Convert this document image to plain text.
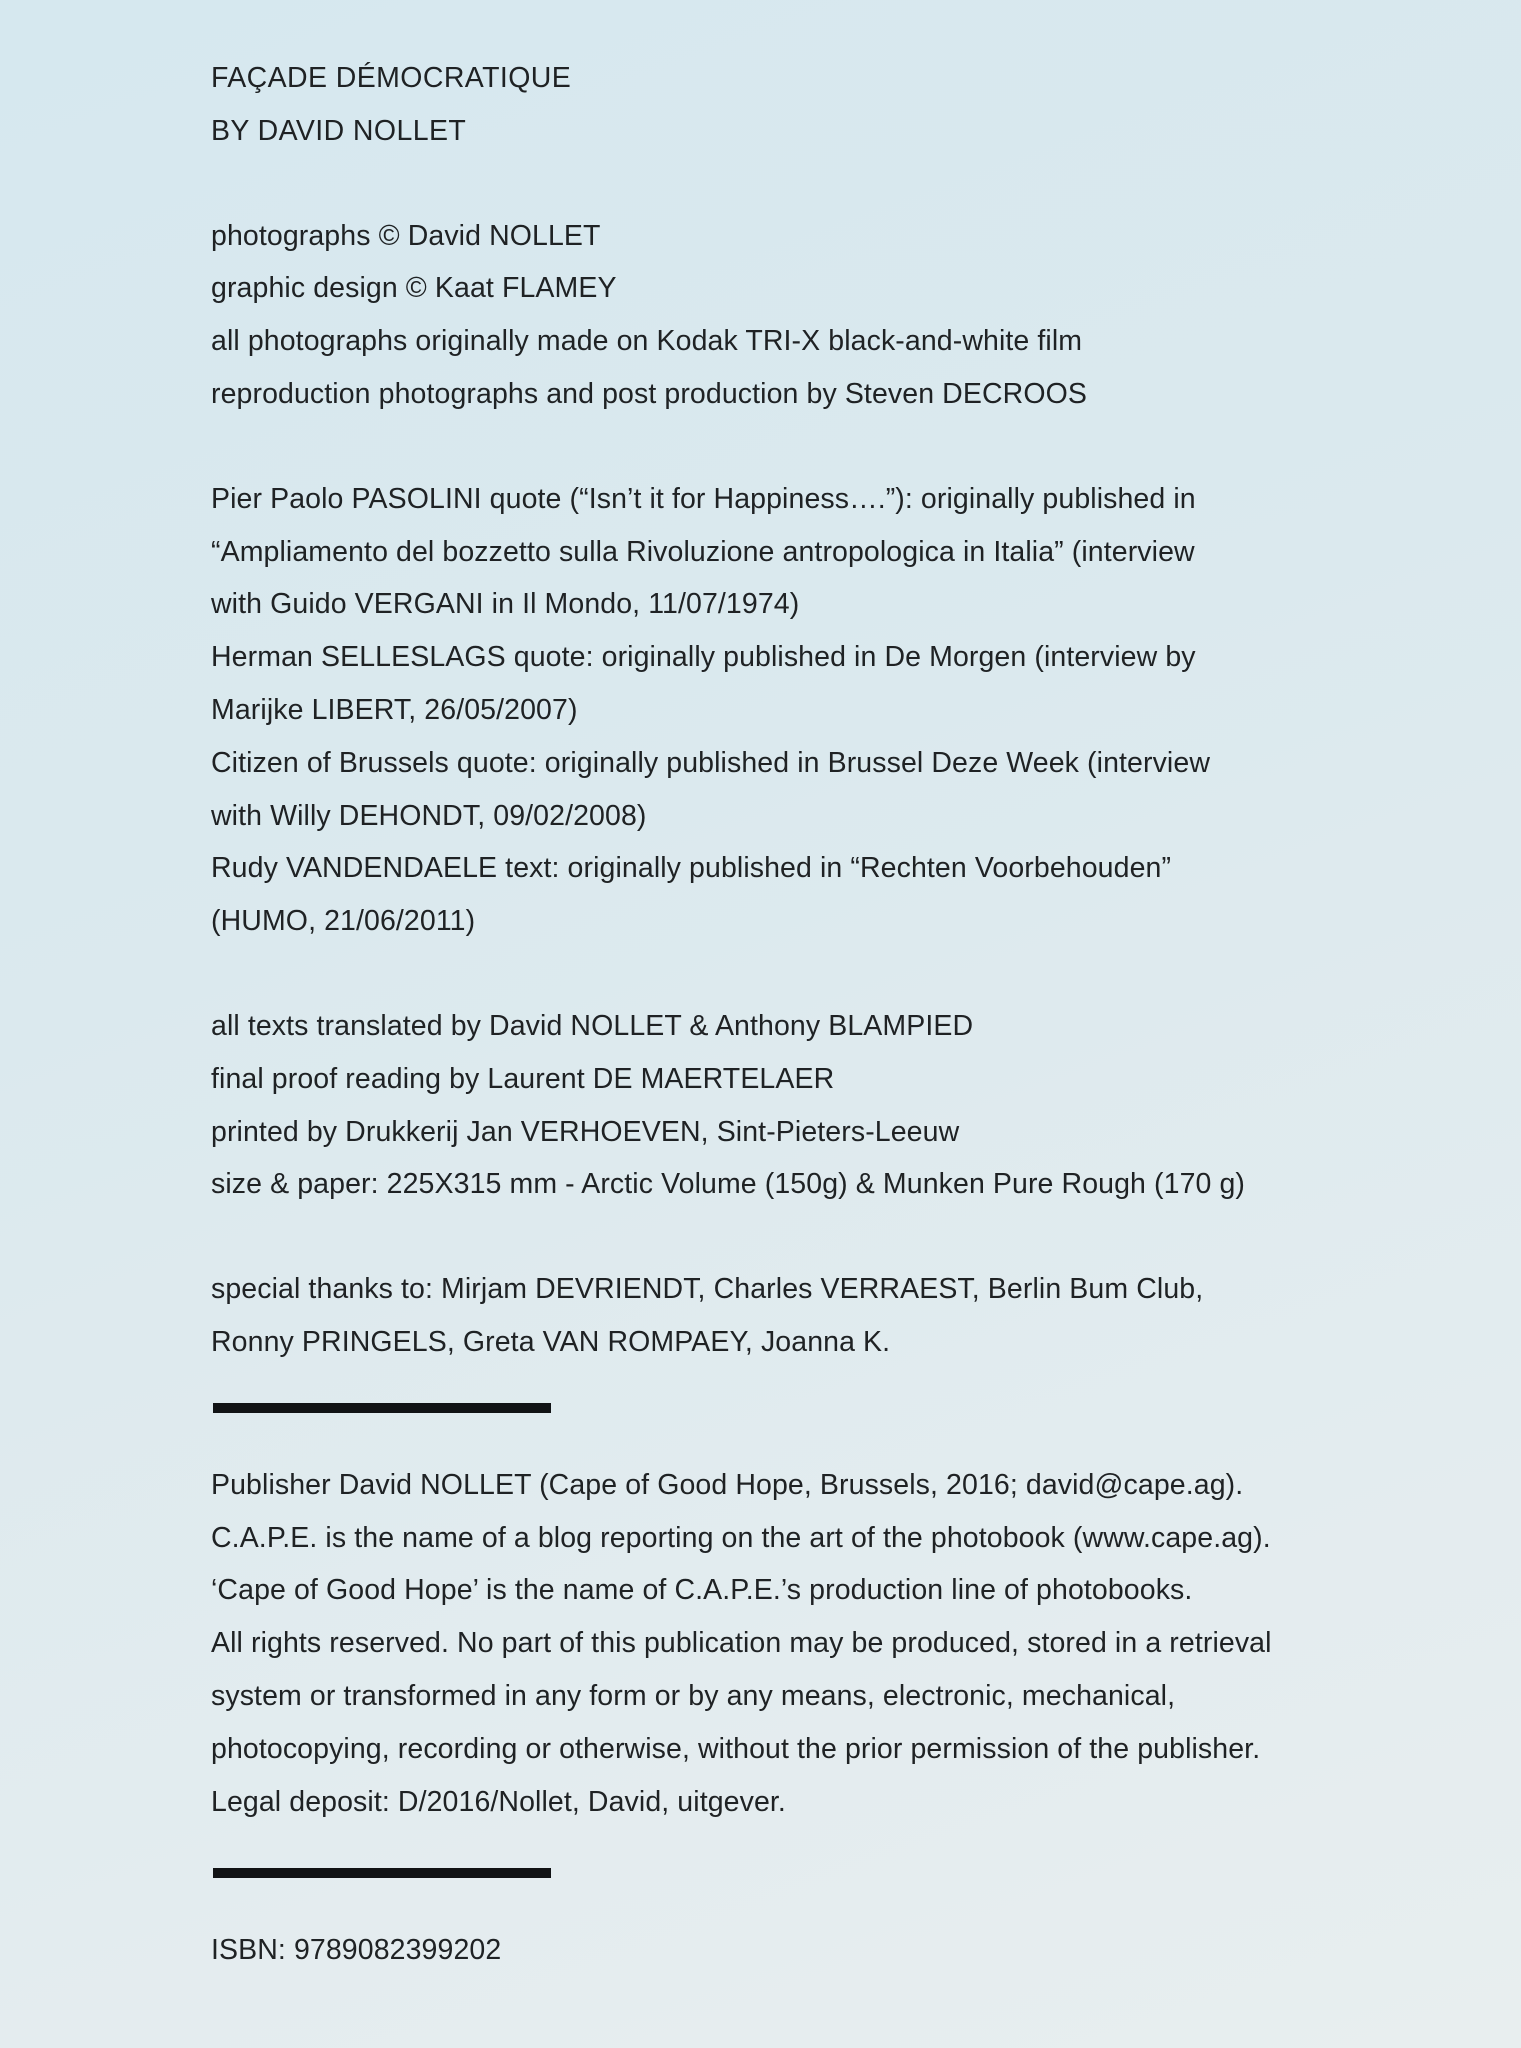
FAÇADE DÉMOCRATIQUE
BY DAVID NOLLET
photographs © David NOLLET
graphic design © Kaat FLAMEY
all photographs originally made on Kodak TRI-X black-and-white film
reproduction photographs and post production by Steven DECROOS
Pier Paolo PASOLINI quote (“Isn’t it for Happiness….”): originally published in
“Ampliamento del bozzetto sulla Rivoluzione antropologica in Italia” (interview
with Guido VERGANI in Il Mondo, 11/07/1974)
Herman SELLESLAGS quote: originally published in De Morgen (interview by
Marijke LIBERT, 26/05/2007)
Citizen of Brussels quote: originally published in Brussel Deze Week (interview
with Willy DEHONDT, 09/02/2008)
Rudy VANDENDAELE text: originally published in “Rechten Voorbehouden”
(HUMO, 21/06/2011)
all texts translated by David NOLLET & Anthony BLAMPIED
final proof reading by Laurent DE MAERTELAER
printed by Drukkerij Jan VERHOEVEN, Sint-Pieters-Leeuw
size & paper: 225X315 mm - Arctic Volume (150g) & Munken Pure Rough (170 g)
special thanks to: Mirjam DEVRIENDT, Charles VERRAEST, Berlin Bum Club,
Ronny PRINGELS, Greta VAN ROMPAEY, Joanna K.
Publisher David NOLLET (Cape of Good Hope, Brussels, 2016; david@cape.ag).
C.A.P.E. is the name of a blog reporting on the art of the photobook (www.cape.ag).
‘Cape of Good Hope’ is the name of C.A.P.E.’s production line of photobooks.
All rights reserved. No part of this publication may be produced, stored in a retrieval
system or transformed in any form or by any means, electronic, mechanical,
photocopying, recording or otherwise, without the prior permission of the publisher.
Legal deposit: D/2016/Nollet, David, uitgever.
ISBN: 9789082399202
